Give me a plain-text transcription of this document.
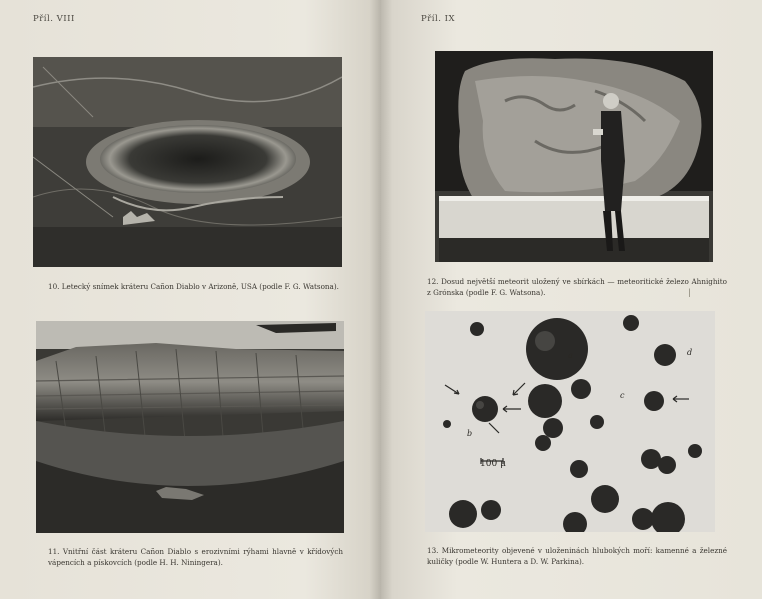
Příl. VIII
10. Letecký snímek kráteru Cañon Diablo v Arizoně, USA (podle F. G. Watsona).
11. Vnitřní část kráteru Cañon Diablo s erozivními rýhami hlavně v křídových vápencích a pískovcích (podle H. H. Niningera).
Příl. IX
12. Dosud největší meteorit uložený ve sbírkách — meteoritické železo Ahnighito z Grónska (podle F. G. Watsona).	|
a
b
c
d
100 μ
13. Mikrometeority objevené v uloženinách hlubokých moří: kamenné a železné kuličky (podle W. Huntera a D. W. Parkina).
